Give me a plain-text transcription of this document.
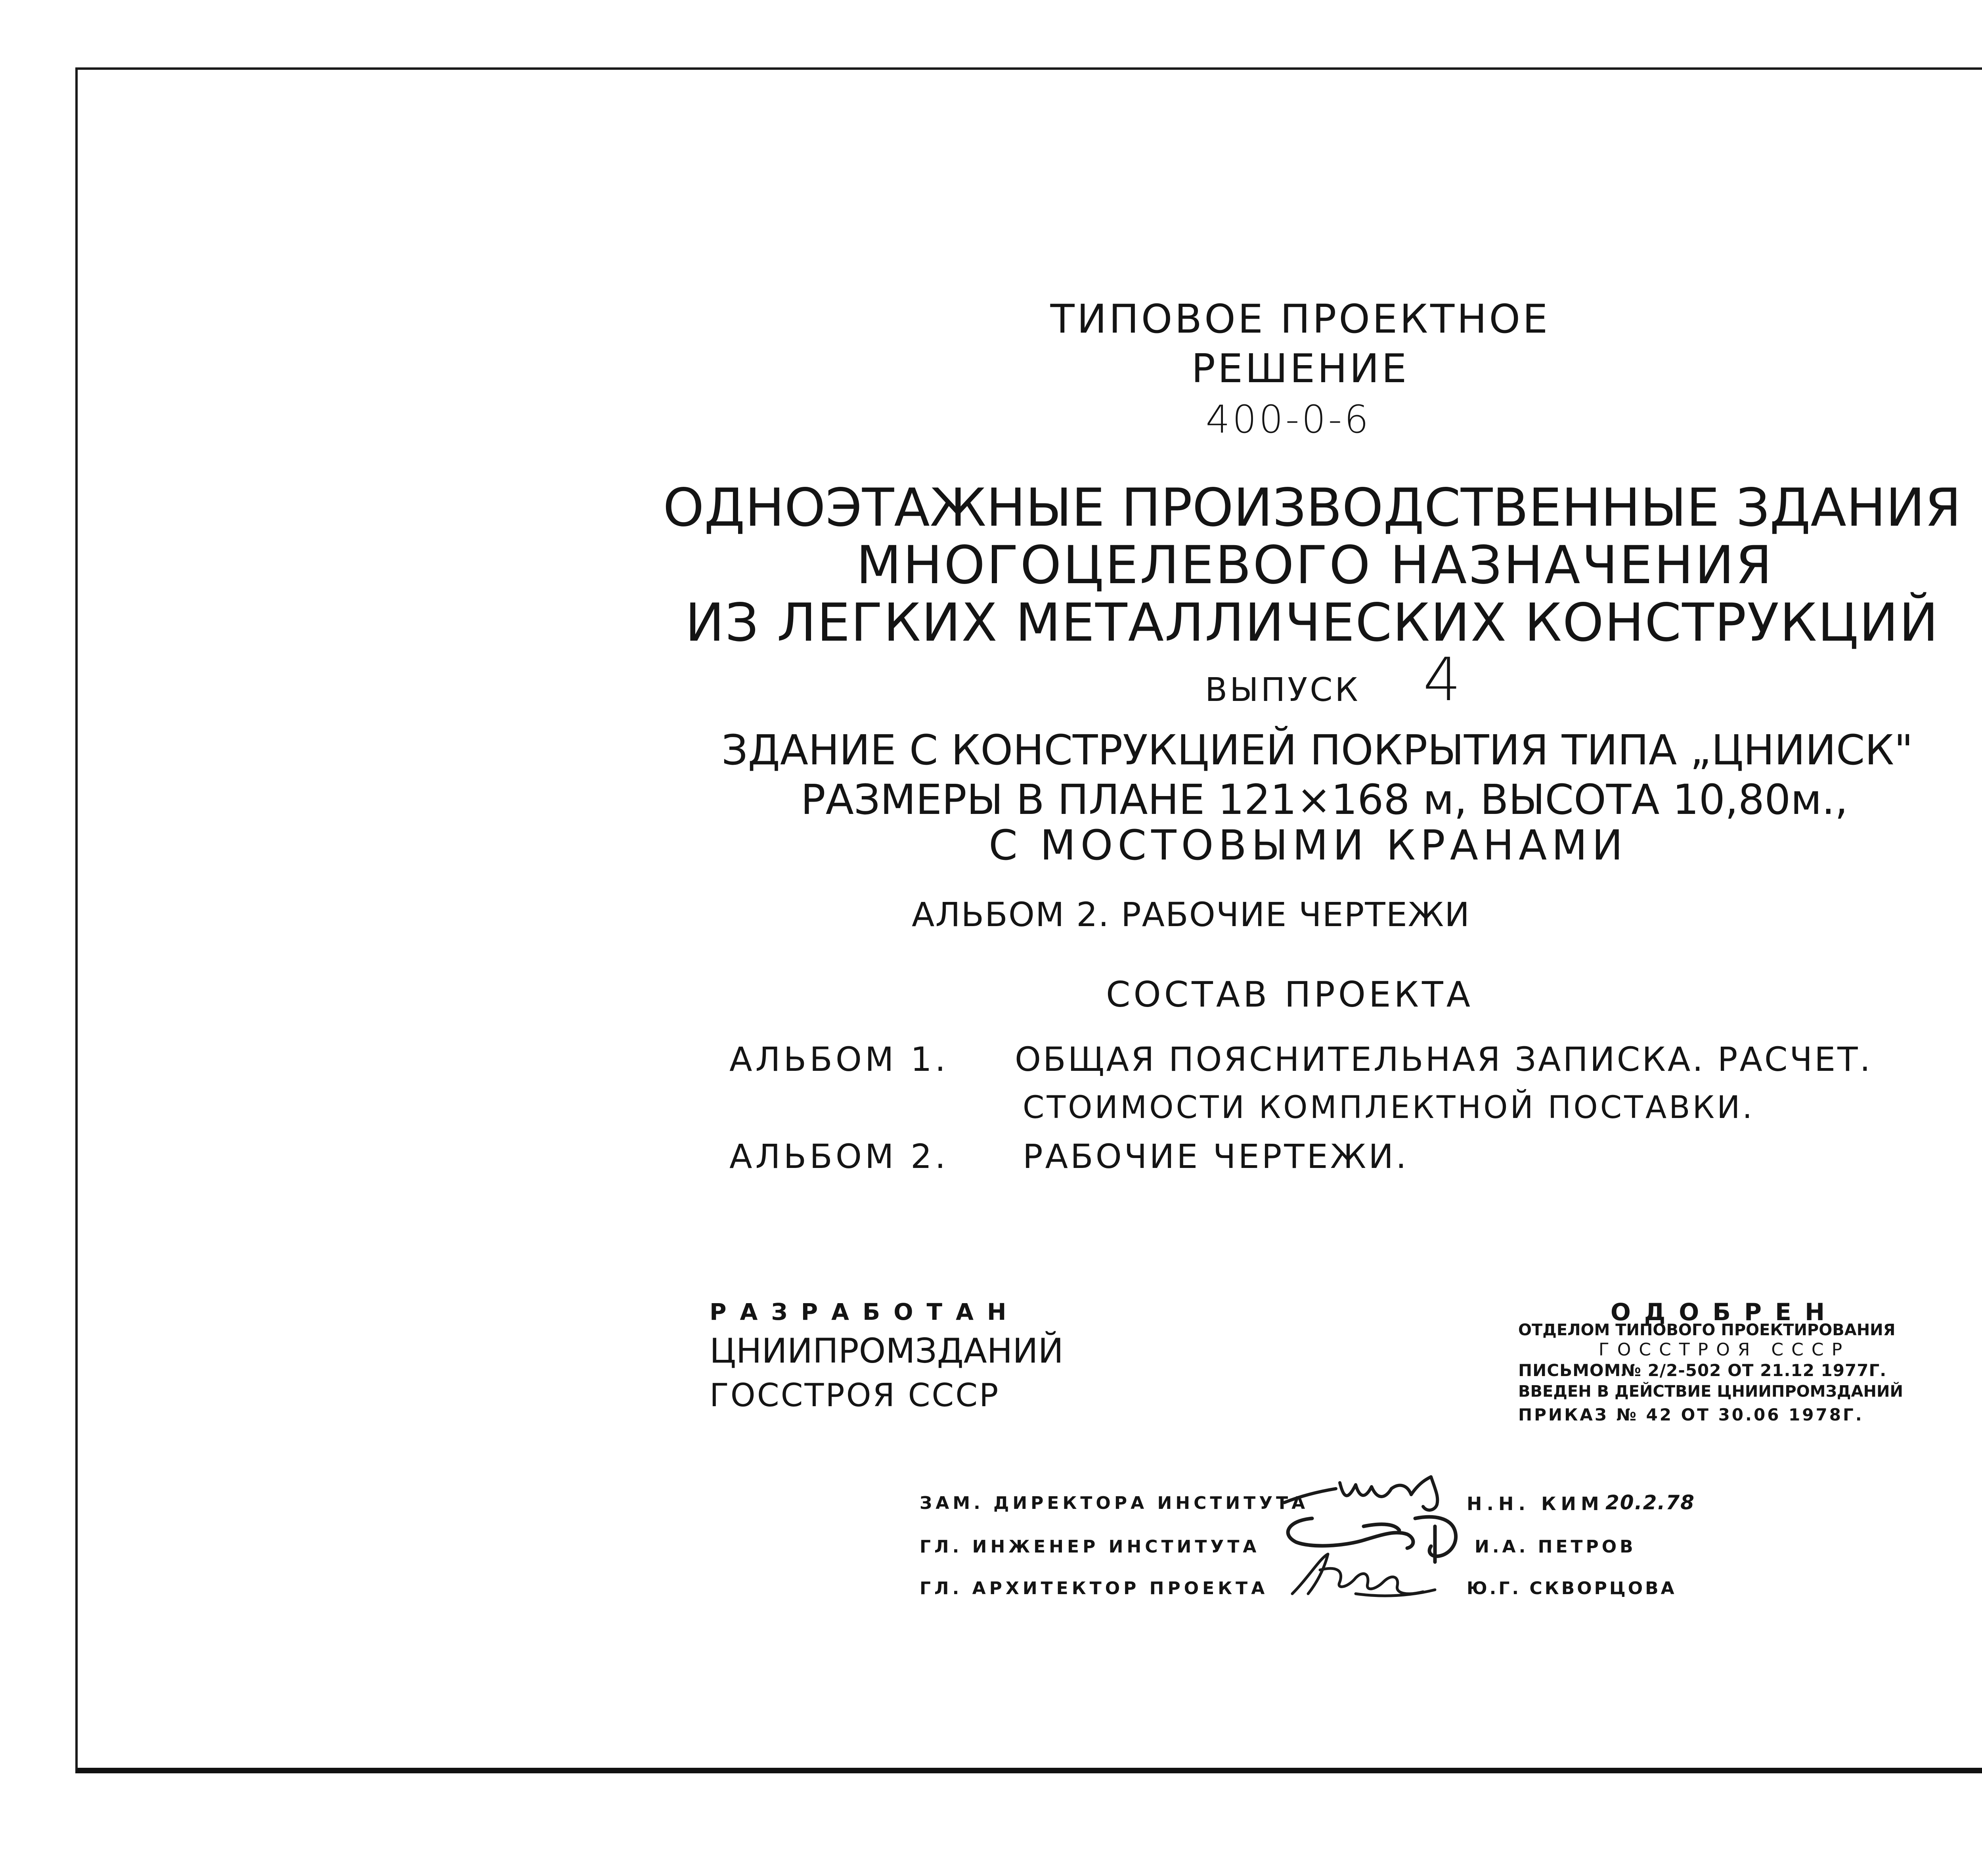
ТИПОВОЕ ПРОЕКТНОЕ
РЕШЕНИЕ
400-0-6
ОДНОЭТАЖНЫЕ ПРОИЗВОДСТВЕННЫЕ ЗДАНИЯ
МНОГОЦЕЛЕВОГО НАЗНАЧЕНИЯ
ИЗ ЛЕГКИХ МЕТАЛЛИЧЕСКИХ КОНСТРУКЦИЙ
ВЫПУСК 4
ЗДАНИЕ С КОНСТРУКЦИЕЙ ПОКРЫТИЯ ТИПА „ЦНИИСК"
РАЗМЕРЫ В ПЛАНЕ 121×168 м, ВЫСОТА 10,80м.,
С МОСТОВЫМИ КРАНАМИ
АЛЬБОМ 2. РАБОЧИЕ ЧЕРТЕЖИ
СОСТАВ ПРОЕКТА
АЛЬБОМ 1. ОБЩАЯ ПОЯСНИТЕЛЬНАЯ ЗАПИСКА. РАСЧЕТ.
СТОИМОСТИ КОМПЛЕКТНОЙ ПОСТАВКИ.
АЛЬБОМ 2. РАБОЧИЕ ЧЕРТЕЖИ.
РАЗРАБОТАН
ЦНИИПРОМЗДАНИЙ
ГОССТРОЯ СССР
ОДОБРЕН
ОТДЕЛОМ ТИПОВОГО ПРОЕКТИРОВАНИЯ
ГОССТРОЯ СССР
ПИСЬМОМ№ 2/2-502 ОТ 21.12 1977Г.
ВВЕДЕН В ДЕЙСТВИЕ ЦНИИПРОМЗДАНИЙ
ПРИКАЗ № 42 ОТ 30.06 1978Г.
ЗАМ. ДИРЕКТОРА ИНСТИТУТА	Н.Н. КИМ 20.2.78
ГЛ. ИНЖЕНЕР ИНСТИТУТА	И.А. ПЕТРОВ
ГЛ. АРХИТЕКТОР ПРОЕКТА	Ю.Г. СКВОРЦОВА
